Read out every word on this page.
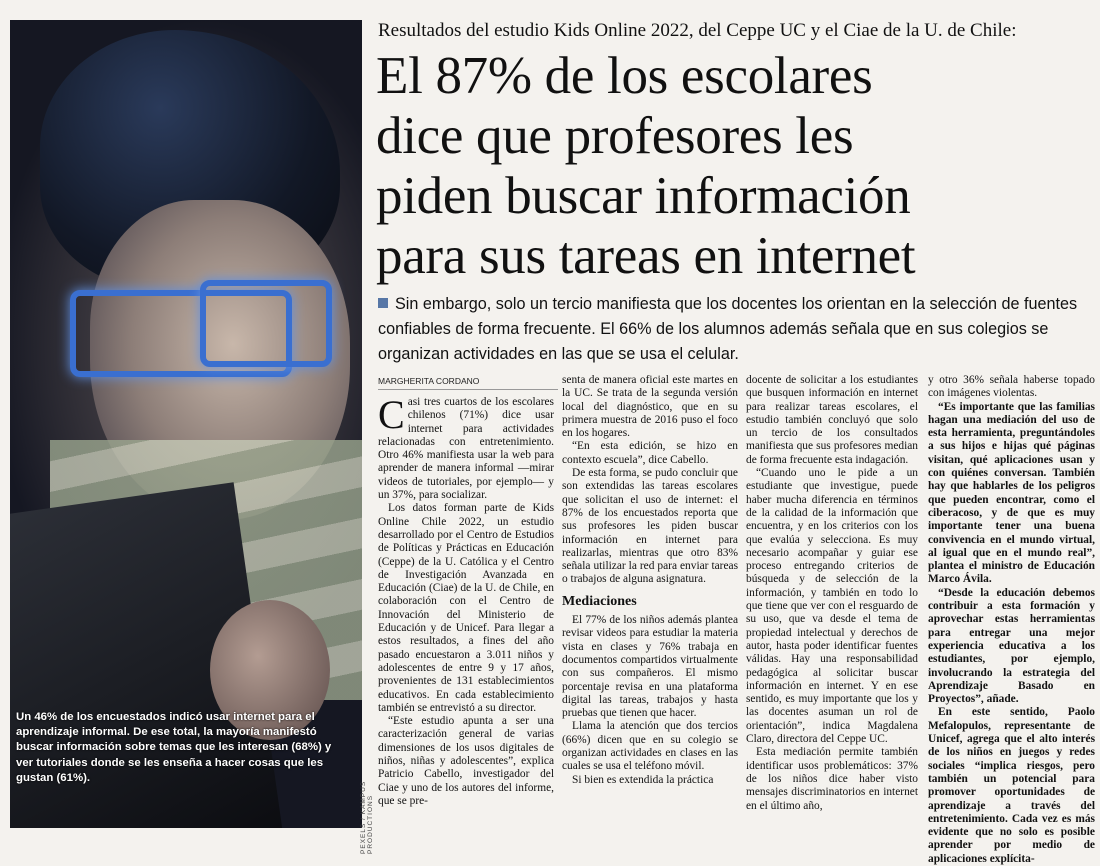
Un 46% de los encuestados indicó usar internet para el aprendizaje informal. De ese total, la mayoría manifestó buscar información sobre temas que les interesan (68%) y ver tutoriales donde se les enseña a hacer cosas que les gustan (61%).
PEXELS / KAMPUS PRODUCTIONS
Resultados del estudio Kids Online 2022, del Ceppe UC y el Ciae de la U. de Chile:
El 87% de los escolares
dice que profesores les
piden buscar información
para sus tareas en internet
Sin embargo, solo un tercio manifiesta que los docentes los orientan en la selección de fuentes confiables de forma frecuente. El 66% de los alumnos además señala que en sus colegios se organizan actividades en las que se usa el celular.
MARGHERITA CORDANO

Casi tres cuartos de los escolares chilenos (71%) dice usar internet para actividades relacionadas con entretenimiento. Otro 46% manifiesta usar la web para aprender de manera informal —mirar videos de tutoriales, por ejemplo— y un 37%, para socializar.

Los datos forman parte de Kids Online Chile 2022, un estudio desarrollado por el Centro de Estudios de Políticas y Prácticas en Educación (Ceppe) de la U. Católica y el Centro de Investigación Avanzada en Educación (Ciae) de la U. de Chile, en colaboración con el Centro de Innovación del Ministerio de Educación y de Unicef. Para llegar a estos resultados, a fines del año pasado encuestaron a 3.011 niños y adolescentes de entre 9 y 17 años, provenientes de 131 establecimientos educativos. En cada establecimiento también se entrevistó a su director.

“Este estudio apunta a ser una caracterización general de varias dimensiones de los usos digitales de niños, niñas y adolescentes”, explica Patricio Cabello, investigador del Ciae y uno de los autores del informe, que se pre-

senta de manera oficial este martes en la UC. Se trata de la segunda versión local del diagnóstico, que en su primera muestra de 2016 puso el foco en los hogares.

“En esta edición, se hizo en contexto escuela”, dice Cabello.

De esta forma, se pudo concluir que son extendidas las tareas escolares que solicitan el uso de internet: el 87% de los encuestados reporta que sus profesores les piden buscar información en internet para realizarlas, mientras que otro 83% señala utilizar la red para enviar tareas o trabajos de alguna asignatura.

Mediaciones

El 77% de los niños además plantea revisar videos para estudiar la materia vista en clases y 76% trabaja en documentos compartidos virtualmente con sus compañeros. El mismo porcentaje revisa en una plataforma digital las tareas, trabajos y hasta pruebas que tienen que hacer.

Llama la atención que dos tercios (66%) dicen que en su colegio se organizan actividades en clases en las cuales se usa el teléfono móvil.

Si bien es extendida la práctica

docente de solicitar a los estudiantes que busquen información en internet para realizar tareas escolares, el estudio también concluyó que solo un tercio de los consultados manifiesta que sus profesores median de forma frecuente esta indagación.

“Cuando uno le pide a un estudiante que investigue, puede haber mucha diferencia en términos de la calidad de la información que encuentra, y en los criterios con los que evalúa y selecciona. Es muy necesario acompañar y guiar ese proceso entregando criterios de búsqueda y de selección de la información, y también en todo lo que tiene que ver con el resguardo de su uso, que va desde el tema de propiedad intelectual y derechos de autor, hasta poder identificar fuentes válidas. Hay una responsabilidad pedagógica al solicitar buscar información en internet. Y en ese sentido, es muy importante que los y las docentes asuman un rol de orientación”, indica Magdalena Claro, directora del Ceppe UC.

Esta mediación permite también identificar usos problemáticos: 37% de los niños dice haber visto mensajes discriminatorios en internet en el último año,

y otro 36% señala haberse topado con imágenes violentas.

“Es importante que las familias hagan una mediación del uso de esta herramienta, preguntándoles a sus hijos e hijas qué páginas visitan, qué aplicaciones usan y con quiénes conversan. También hay que hablarles de los peligros que pueden encontrar, como el ciberacoso, y de que es muy importante tener una buena convivencia en el mundo virtual, al igual que en el mundo real”, plantea el ministro de Educación Marco Ávila.

“Desde la educación debemos contribuir a esta formación y aprovechar estas herramientas para entregar una mejor experiencia educativa a los estudiantes, por ejemplo, involucrando la estrategia del Aprendizaje Basado en Proyectos”, añade.

En este sentido, Paolo Mefalopulos, representante de Unicef, agrega que el alto interés de los niños en juegos y redes sociales “implica riesgos, pero también un potencial para promover oportunidades de aprendizaje a través del entretenimiento. Cada vez es más evidente que no solo es posible aprender por medio de aplicaciones explícita-
